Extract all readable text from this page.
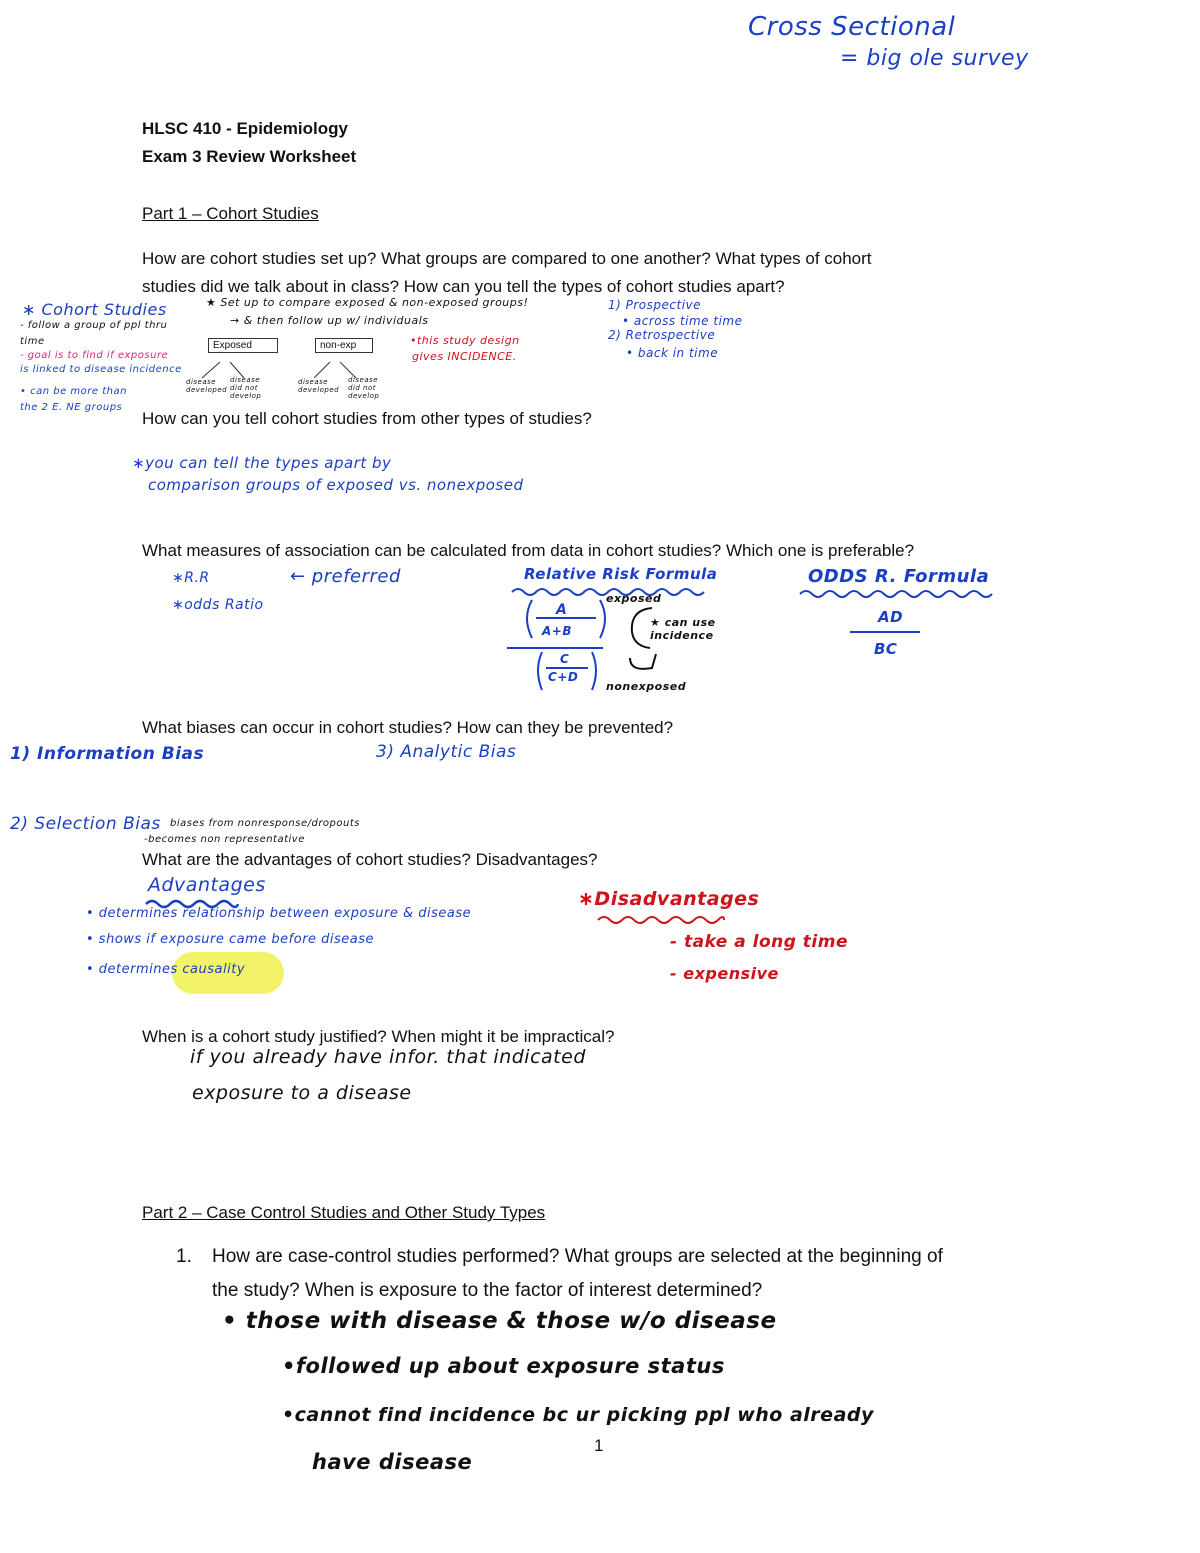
Cross Sectional
= big ole survey
HLSC 410 - Epidemiology
Exam 3 Review Worksheet
Part 1 – Cohort Studies
How are cohort studies set up? What groups are compared to one another? What types of cohort
studies did we talk about in class? How can you tell the types of cohort studies apart?
∗ Cohort Studies
- follow a group of ppl thru
time
- goal is to find if exposure
is linked to disease incidence
• can be more than
the 2 E. NE groups
★ Set up to compare exposed & non-exposed groups!
→ & then follow up w/ individuals
Exposed	non-exp
disease developed
disease did not develop
disease developed
disease did not develop
•this study design
gives INCIDENCE.
1) Prospective
• across time time
2) Retrospective
• back in time
How can you tell cohort studies from other types of studies?
∗you can tell the types apart by
comparison groups of exposed vs. nonexposed
What measures of association can be calculated from data in cohort studies? Which one is preferable?
∗R.R	← preferred
∗odds Ratio
Relative Risk Formula
A
A+B
C
C+D
exposed
★ can use incidence
nonexposed
ODDS R. Formula
AD
BC
What biases can occur in cohort studies? How can they be prevented?
1) Information Bias	3) Analytic Bias
2) Selection Bias biases from nonresponse/dropouts
-becomes non representative
What are the advantages of cohort studies? Disadvantages?
Advantages
• determines relationship between exposure & disease
• shows if exposure came before disease
• determines causality
∗Disadvantages
- take a long time
- expensive
When is a cohort study justified? When might it be impractical?
if you already have infor. that indicated
exposure to a disease
Part 2 – Case Control Studies and Other Study Types
1. How are case-control studies performed? What groups are selected at the beginning of
the study? When is exposure to the factor of interest determined?
• those with disease & those w/o disease
•followed up about exposure status
•cannot find incidence bc ur picking ppl who already
have disease
1
